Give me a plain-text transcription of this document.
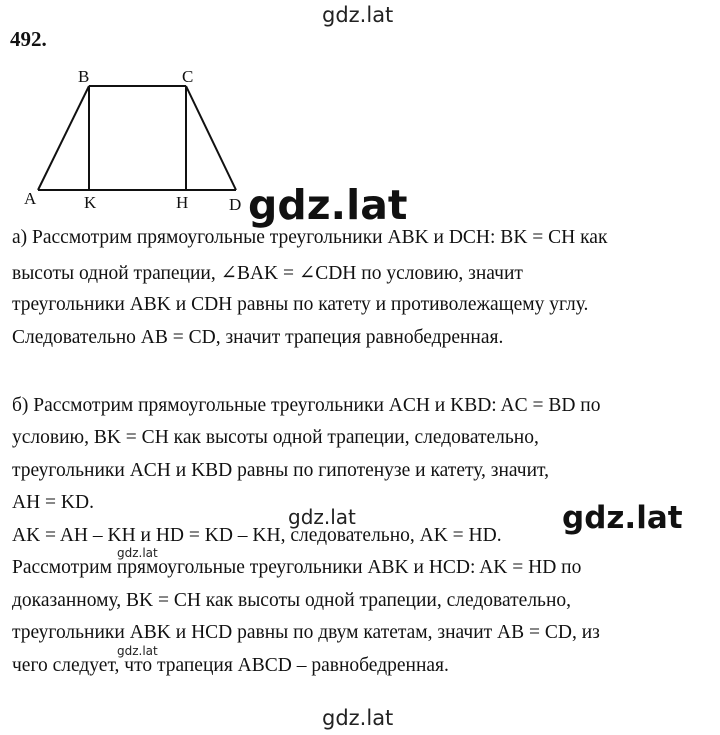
gdz.lat
492.
B	C
A	K	H D gdz.lat
а) Рассмотрим прямоугольные треугольники ABK и DCH: BK = CH как
высоты одной трапеции, ∠BAK = ∠CDH по условию, значит
треугольники ABK и CDH равны по катету и противолежащему углу.
Следовательно AB = CD, значит трапеция равнобедренная.
б) Рассмотрим прямоугольные треугольники ACH и KBD: AC = BD по
условию, BK = CH как высоты одной трапеции, следовательно,
треугольники ACH и KBD равны по гипотенузе и катету, значит,
AH = KD.
AK = AH – KH и HD = KD – KH, следовательно, AK = HD.
Рассмотрим прямоугольные треугольники ABK и HCD: AK = HD по
доказанному, BK = CH как высоты одной трапеции, следовательно,
треугольники ABK и HCD равны по двум катетам, значит AB = CD, из
чего следует, что трапеция ABCD – равнобедренная.
gdz.lat	gdz.lat
gdz.lat
gdz.lat
gdz.lat
